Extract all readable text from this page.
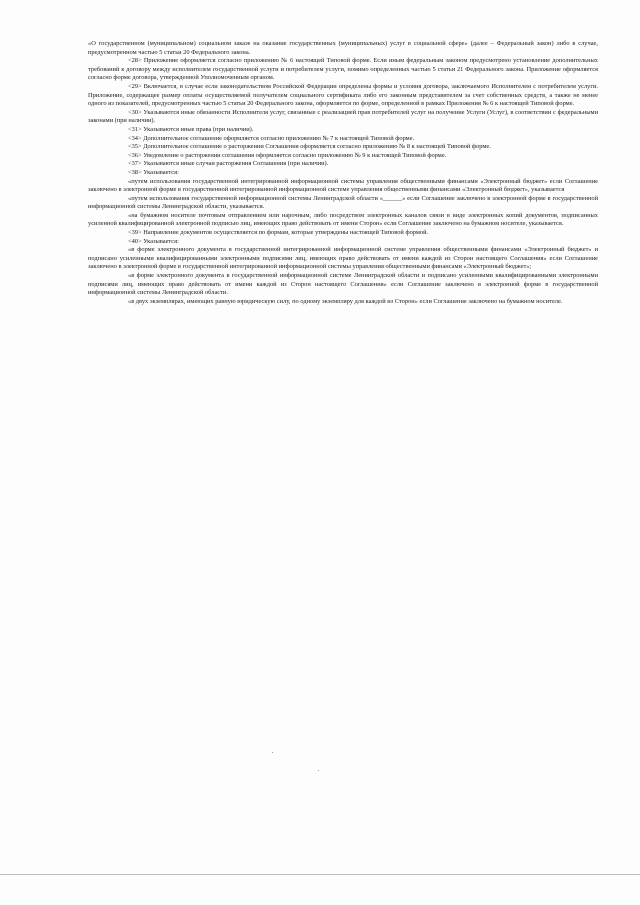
«О государственном (муниципальном) социальном заказе на оказание государственных (муниципальных) услуг в социальной сфере» (далее – Федеральный закон) либо в случае, предусмотренном частью 5 статьи 20 Федерального закона.

<28> Приложение оформляется согласно приложению № 6 настоящей Типовой форме. Если иным федеральным законом предусмотрено установление дополнительных требований к договору между исполнителем государственной услуги и потребителем услуги, помимо определенных частью 5 статьи 21 Федерального закона. Приложение оформляется согласно форме договора, утвержденной Уполномоченным органом.

<29> Включается, в случае если законодательством Российской Федерации определены формы и условия договора, заключаемого Исполнителем с потребителем услуги. Приложение, содержащее размер оплаты осуществляемой получателем социального сертификата либо его законным представителем за счет собственных средств, а также не менее одного из показателей, предусмотренных частью 5 статьи 20 Федерального закона, оформляется по форме, определенной в рамках Приложения № 6 к настоящей Типовой форме.

<30> Указываются иные обязанности Исполнителя услуг, связанные с реализацией прав потребителей услуг на получение Услуги (Услуг), в соответствии с федеральными законами (при наличии).

<31> Указываются иные права (при наличии).

<34> Дополнительное соглашение оформляется согласно приложению № 7 к настоящей Типовой форме.

<35> Дополнительное соглашение о расторжении Соглашения оформляется согласно приложению № 8 к настоящей Типовой форме.

<36> Уведомление о расторжении соглашения оформляется согласно приложению № 9 к настоящей Типовой форме.

<37> Указываются иные случаи расторжения Соглашения (при наличии).

<38> Указывается:

«путем использования государственной интегрированной информационной системы управления общественными финансами «Электронный бюджет» если Соглашение заключено в электронной форме в государственной интегрированной информационной системе управления общественными финансами «Электронный бюджет», указывается

«путем использования государственной информационной системы Ленинградской области «______» если Соглашение заключено в электронной форме в государственной информационной системы Ленинградской области, указывается.

«на бумажном носителе почтовым отправлением или нарочным, либо посредством электронных каналов связи в виде электронных копий документов, подписанных усиленной квалифицированной электронной подписью лиц, имеющих право действовать от имени Сторон» если Соглашение заключено на бумажном носителе, указывается.

<39> Направление документов осуществляется по формам, которые утверждены настоящей Типовой формой.

<40> Указывается:

«в форме электронного документа в государственной интегрированной информационной системе управления общественными финансами «Электронный бюджет» и подписано усиленными квалифицированными электронными подписями лиц, имеющих право действовать от имени каждой из Сторон настоящего Соглашения» если Соглашение заключено в электронной форме в государственной интегрированной информационной системы управления общественными финансами «Электронный бюджет»;

«в форме электронного документа в государственной информационной системе Ленинградской области и подписано усиленными квалифицированными электронными подписями лиц, имеющих право действовать от имени каждой из Сторон настоящего Соглашения» если Соглашение заключено в электронной форме в государственной информационной системы Ленинградской области.

«в двух экземплярах, имеющих равную юридическую силу, по одному экземпляру для каждой из Сторон» если Соглашение заключено на бумажном носителе.
